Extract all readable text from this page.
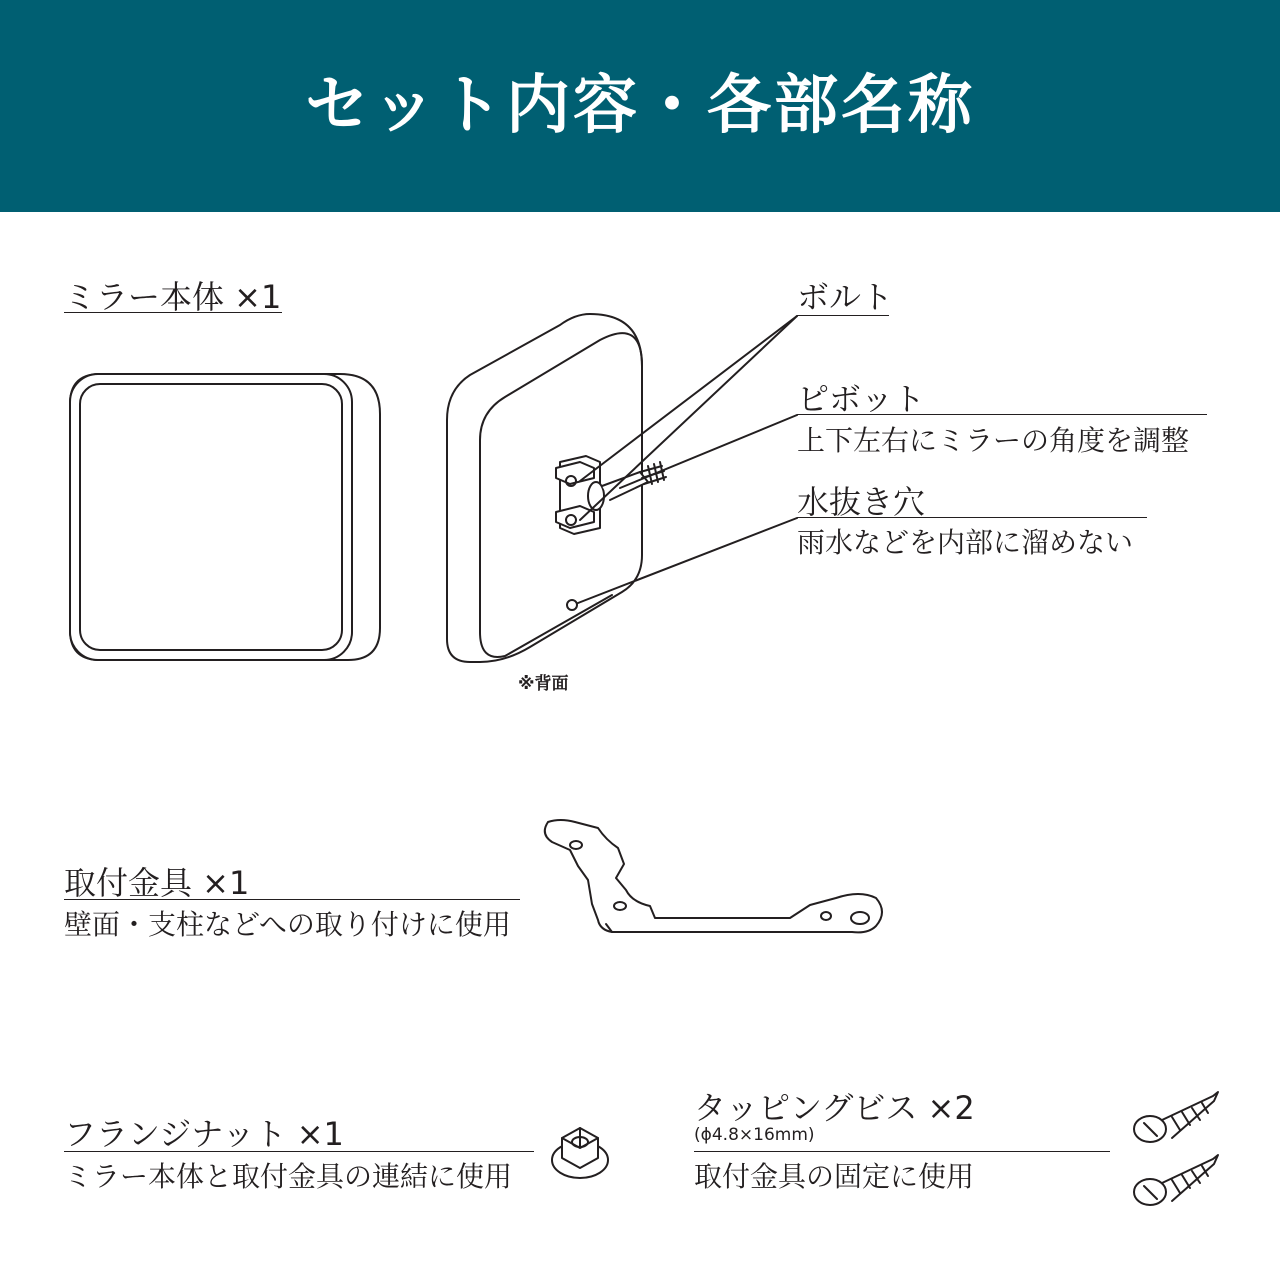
セット内容・各部名称
ミラー本体 ×1	ボルト
ピボット
上下左右にミラーの角度を調整
水抜き穴
雨水などを内部に溜めない
※背面
取付金具 ×1
壁面・支柱などへの取り付けに使用
フランジナット ×1
ミラー本体と取付金具の連結に使用
タッピングビス ×2
(ϕ4.8×16mm)
取付金具の固定に使用
